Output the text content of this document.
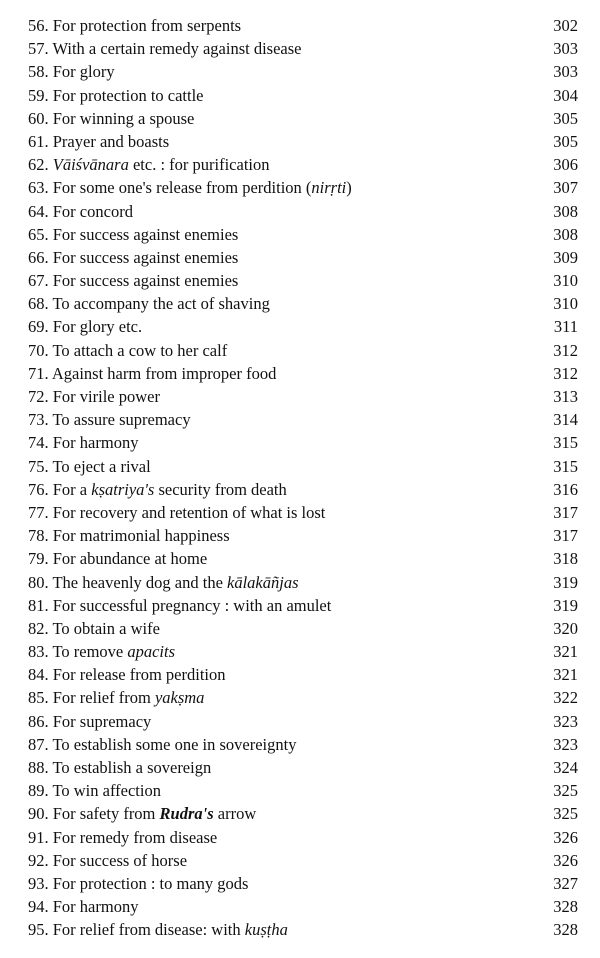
56. For protection from serpents	302
57. With a certain remedy against disease	303
58. For glory	303
59. For protection to cattle	304
60. For winning a spouse	305
61. Prayer and boasts	305
62. Vāiśvānara etc. : for purification	306
63. For some one's release from perdition (nirṛti)	307
64. For concord	308
65. For success against enemies	308
66. For success against enemies	309
67. For success against enemies	310
68. To accompany the act of shaving	310
69. For glory etc.	311
70. To attach a cow to her calf	312
71. Against harm from improper food	312
72. For virile power	313
73. To assure supremacy	314
74. For harmony	315
75. To eject a rival	315
76. For a kṣatriya's security from death	316
77. For recovery and retention of what is lost	317
78. For matrimonial happiness	317
79. For abundance at home	318
80. The heavenly dog and the kālakāñjas	319
81. For successful pregnancy : with an amulet	319
82. To obtain a wife	320
83. To remove apacits	321
84. For release from perdition	321
85. For relief from yakṣma	322
86. For supremacy	323
87. To establish some one in sovereignty	323
88. To establish a sovereign	324
89. To win affection	325
90. For safety from Rudra's arrow	325
91. For remedy from disease	326
92. For success of horse	326
93. For protection : to many gods	327
94. For harmony	328
95. For relief from disease: with kuṣṭha	328
